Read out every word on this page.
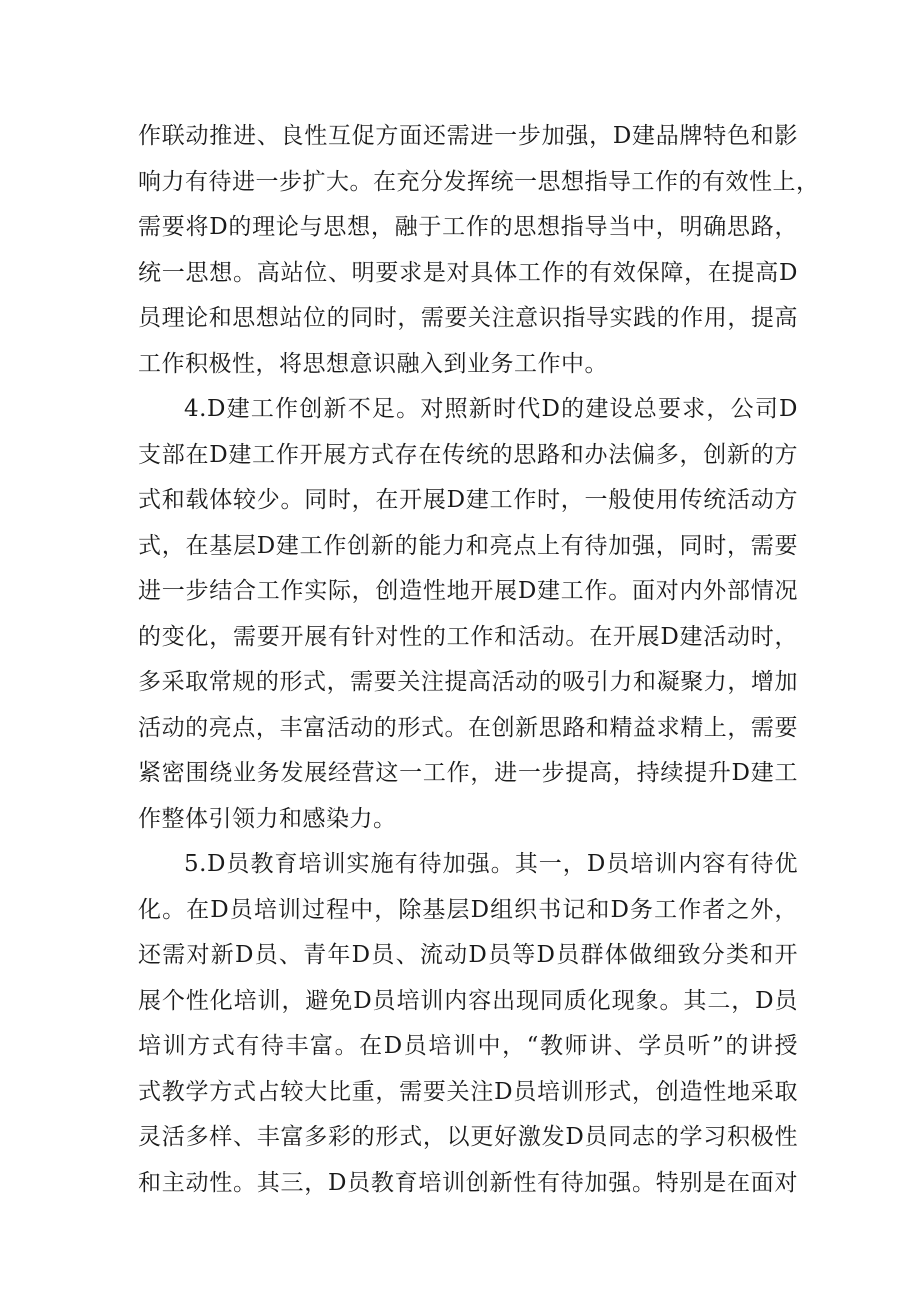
作联动推进、良性互促方面还需进一步加强，D建品牌特色和影
响力有待进一步扩大。在充分发挥统一思想指导工作的有效性上，
需要将D的理论与思想，融于工作的思想指导当中，明确思路，
统一思想。高站位、明要求是对具体工作的有效保障，在提高D
员理论和思想站位的同时，需要关注意识指导实践的作用，提高
工作积极性，将思想意识融入到业务工作中。
4.D建工作创新不足。对照新时代D的建设总要求，公司D
支部在D建工作开展方式存在传统的思路和办法偏多，创新的方
式和载体较少。同时，在开展D建工作时，一般使用传统活动方
式，在基层D建工作创新的能力和亮点上有待加强，同时，需要
进一步结合工作实际，创造性地开展D建工作。面对内外部情况
的变化，需要开展有针对性的工作和活动。在开展D建活动时，
多采取常规的形式，需要关注提高活动的吸引力和凝聚力，增加
活动的亮点，丰富活动的形式。在创新思路和精益求精上，需要
紧密围绕业务发展经营这一工作，进一步提高，持续提升D建工
作整体引领力和感染力。
5.D员教育培训实施有待加强。其一，D员培训内容有待优
化。在D员培训过程中，除基层D组织书记和D务工作者之外，
还需对新D员、青年D员、流动D员等D员群体做细致分类和开
展个性化培训，避免D员培训内容出现同质化现象。其二，D员
培训方式有待丰富。在D员培训中，“教师讲、学员听”的讲授
式教学方式占较大比重，需要关注D员培训形式，创造性地采取
灵活多样、丰富多彩的形式，以更好激发D员同志的学习积极性
和主动性。其三，D员教育培训创新性有待加强。特别是在面对
